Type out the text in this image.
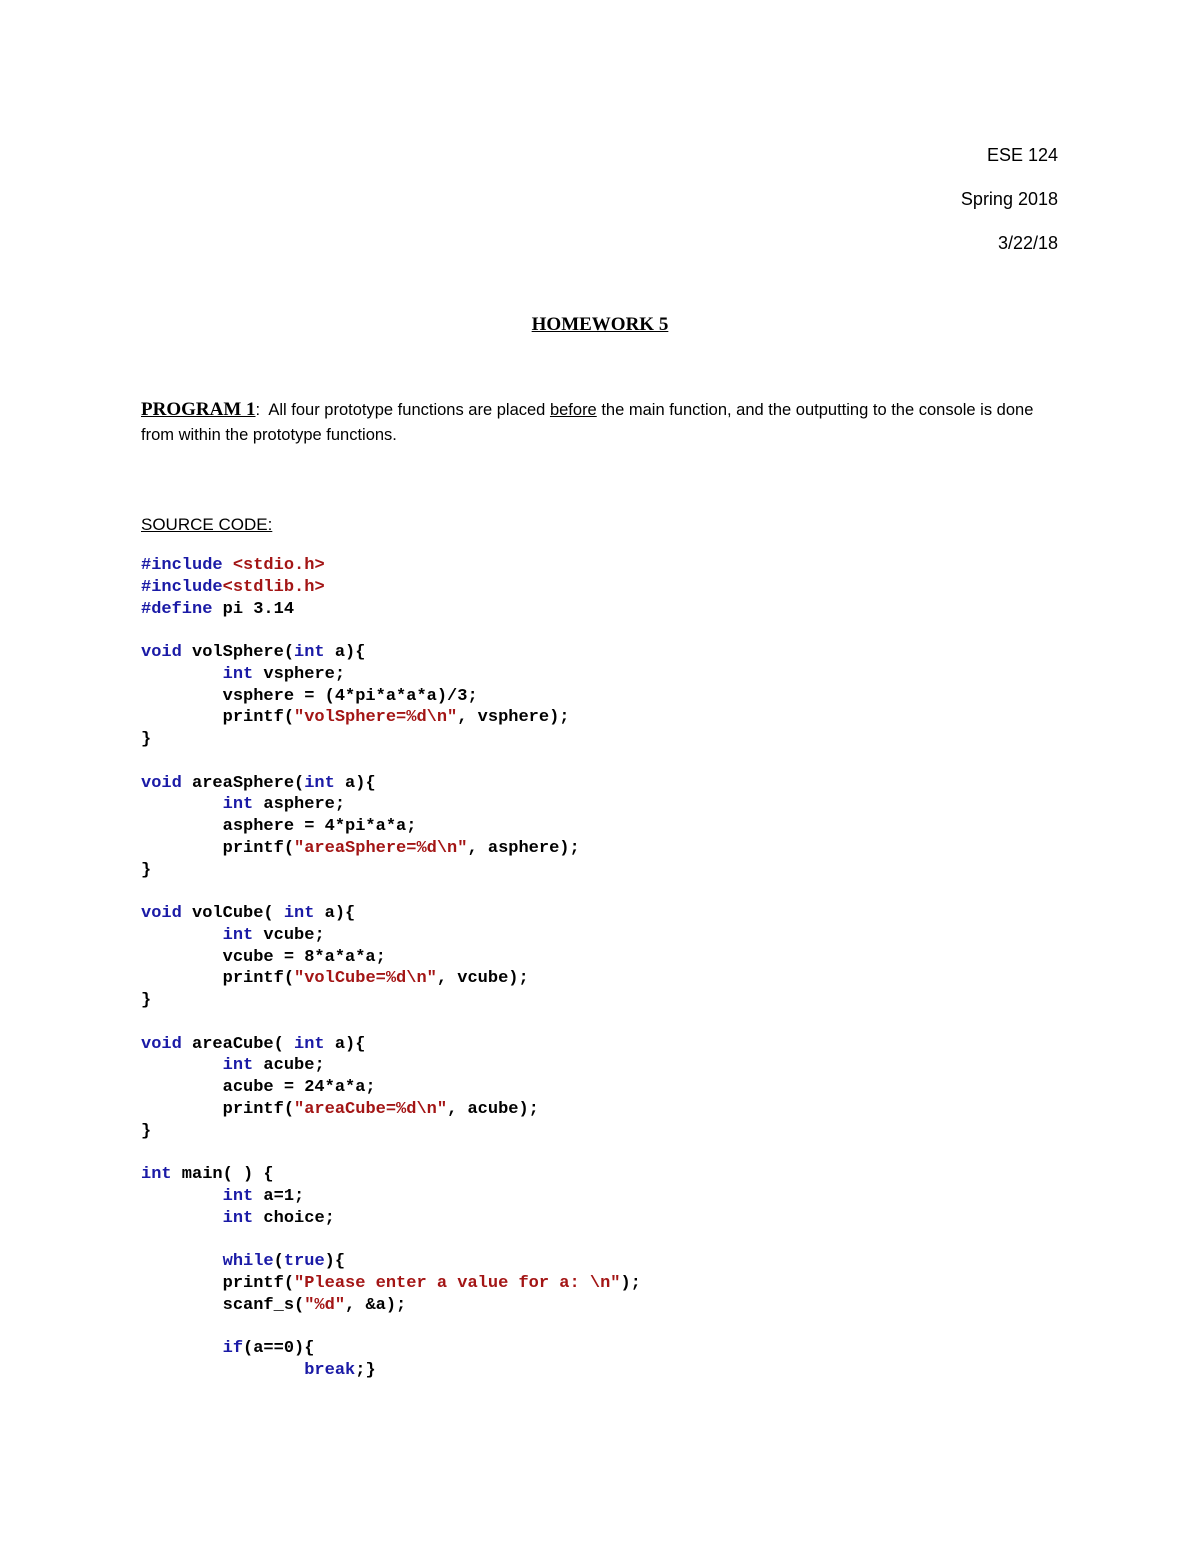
ESE 124
Spring 2018
3/22/18
HOMEWORK 5
PROGRAM 1:  All four prototype functions are placed before the main function, and the outputting to the console is done from within the prototype functions.
SOURCE CODE:
#include <stdio.h>
#include<stdlib.h>
#define pi 3.14
void volSphere(int a){
int vsphere;
vsphere = (4*pi*a*a*a)/3;
printf("volSphere=%d\n", vsphere);
}
void areaSphere(int a){
int asphere;
asphere = 4*pi*a*a;
printf("areaSphere=%d\n", asphere);
}
void volCube( int a){
int vcube;
vcube = 8*a*a*a;
printf("volCube=%d\n", vcube);
}
void areaCube( int a){
int acube;
acube = 24*a*a;
printf("areaCube=%d\n", acube);
}
int main( ) {
int a=1;
int choice;
while(true){
printf("Please enter a value for a: \n");
scanf_s("%d", &a);
if(a==0){
break;}
